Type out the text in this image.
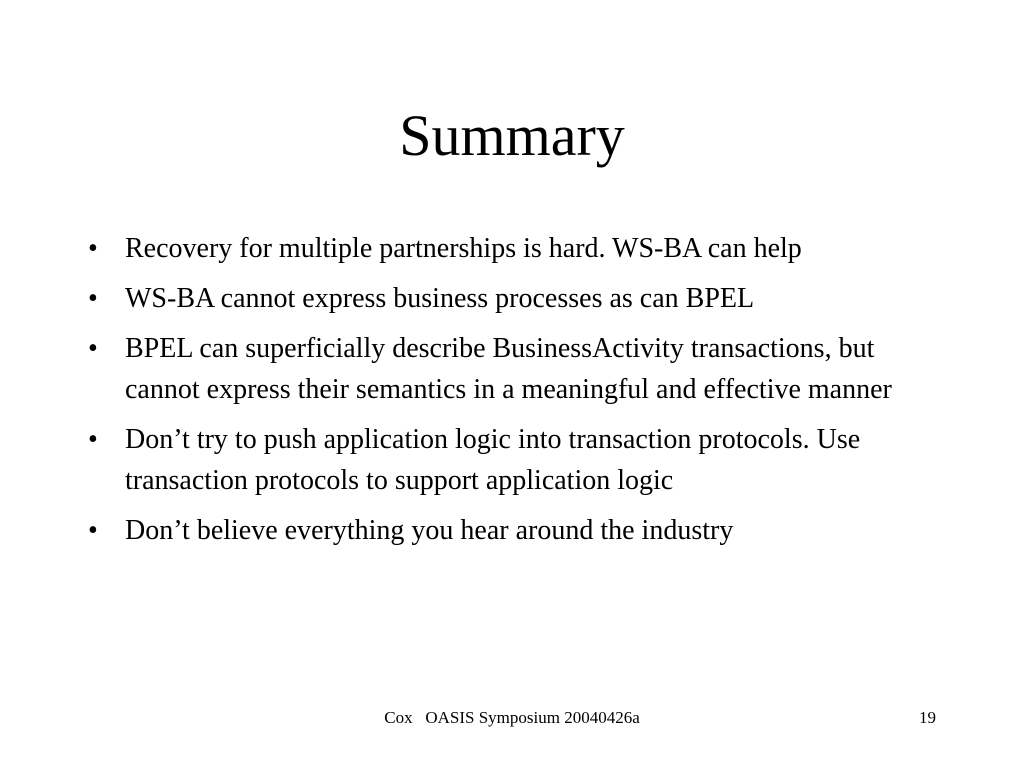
Summary
• Recovery for multiple partnerships is hard. WS-BA can help
• WS-BA cannot express business processes as can BPEL
• BPEL can superficially describe BusinessActivity transactions, but cannot express their semantics in a meaningful and effective manner
• Don’t try to push application logic into transaction protocols. Use transaction protocols to support application logic
• Don’t believe everything you hear around the industry
Cox   OASIS Symposium 20040426a	19
